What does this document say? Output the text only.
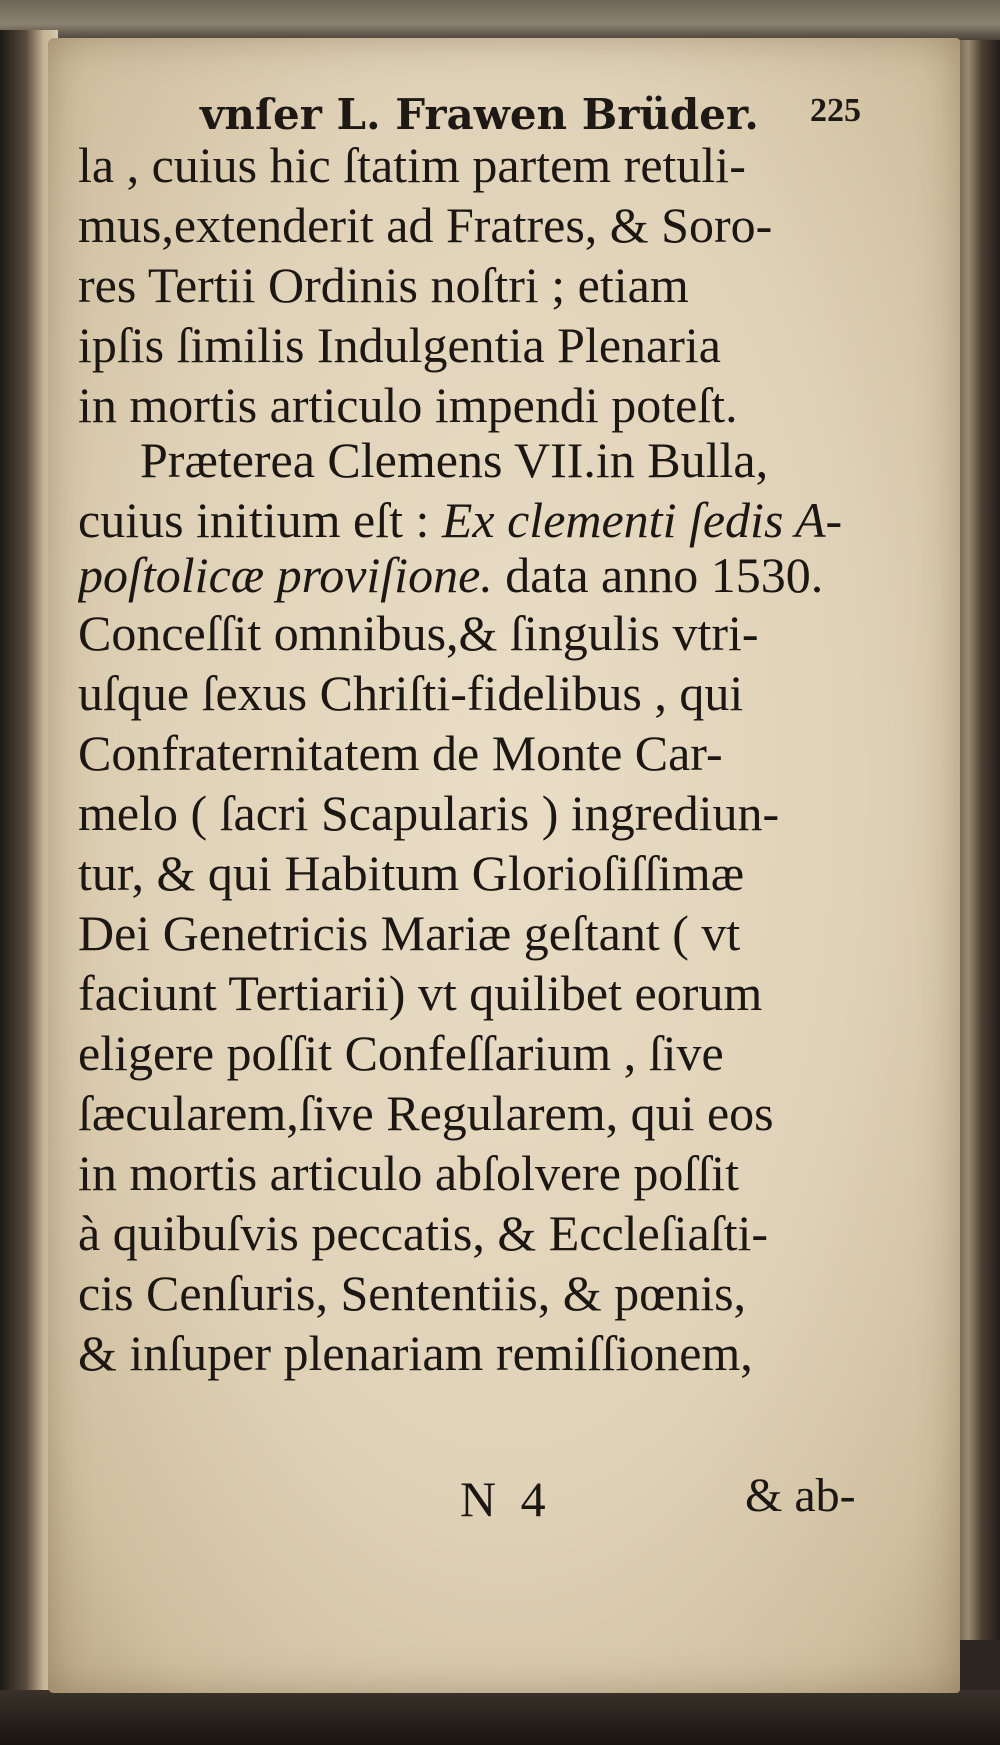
vnſer L. Frawen Brüder. 225
la , cuius hic ſtatim partem retuli-
mus,extenderit ad Fratres, & Soro-
res Tertii Ordinis noſtri ; etiam
ipſis ſimilis Indulgentia Plenaria
in mortis articulo impendi poteſt.
Præterea Clemens VII.in Bulla,
cuius initium eſt : Ex clementi ſedis A-
poſtolicæ proviſione. data anno 1530.
Conceſſit omnibus,& ſingulis vtri-
uſque ſexus Chriſti-fidelibus , qui
Confraternitatem de Monte Car-
melo ( ſacri Scapularis ) ingrediun-
tur, & qui Habitum Glorioſiſſimæ
Dei Genetricis Mariæ geſtant ( vt
faciunt Tertiarii) vt quilibet eorum
eligere poſſit Confeſſarium , ſive
ſæcularem,ſive Regularem, qui eos
in mortis articulo abſolvere poſſit
à quibuſvis peccatis, & Eccleſiaſti-
cis Cenſuris, Sententiis, & pœnis,
& inſuper plenariam remiſſionem,
N 4	& ab-
